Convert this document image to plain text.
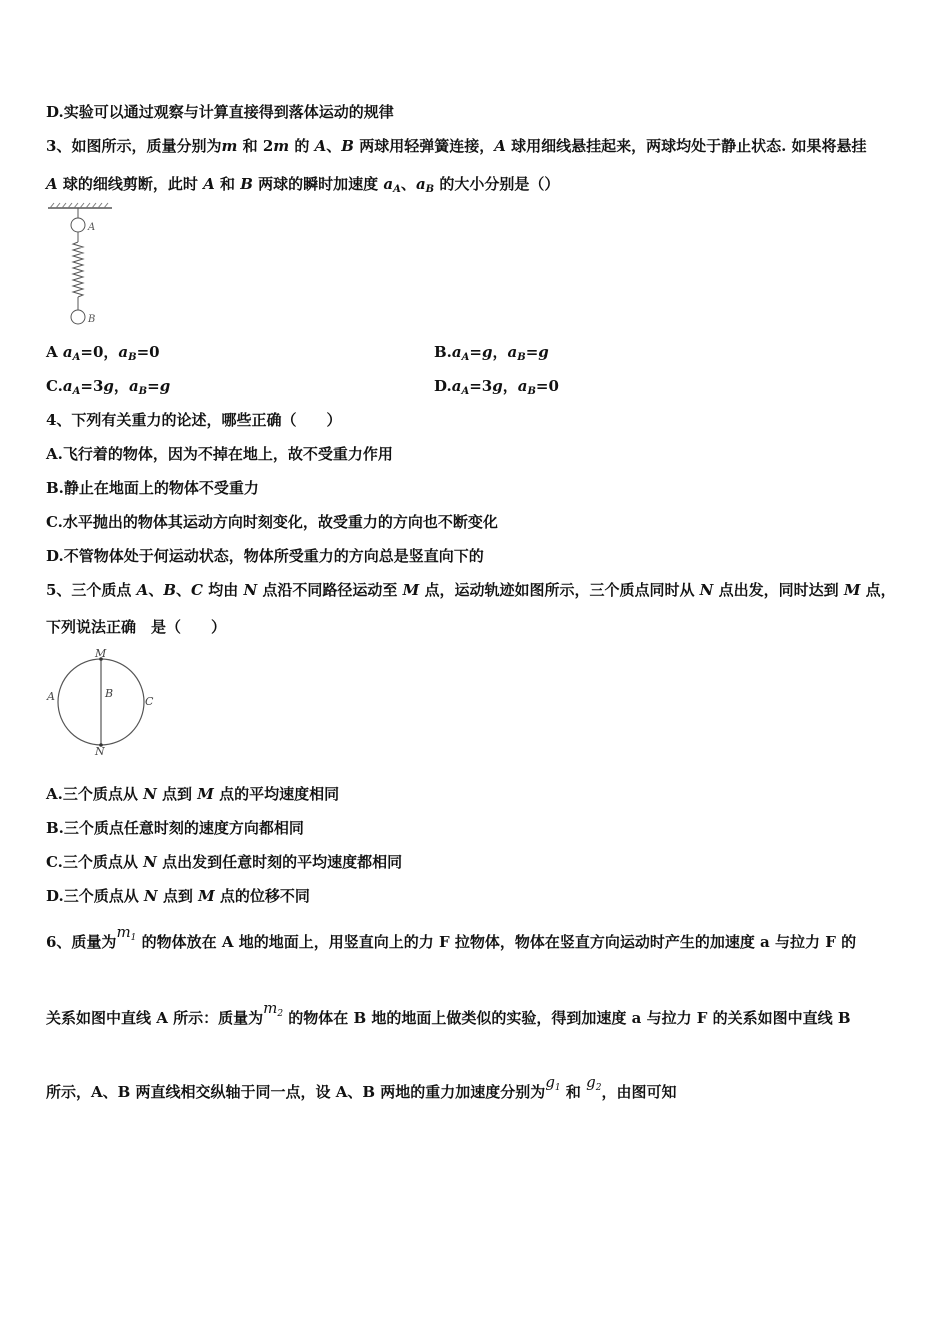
D.实验可以通过观察与计算直接得到落体运动的规律
3、如图所示，质量分别为m 和 2m 的 A、B 两球用轻弹簧连接，A 球用细线悬挂起来，两球均处于静止状态. 如果将悬挂
A 球的细线剪断，此时 A 和 B 两球的瞬时加速度 $a_A$、$a_B$ 的大小分别是（）
A
B
A $a_A=0$，$a_B=0$	$B.a_A=g$，$a_B=g$
$C.a_A=3g$，$a_B=g$	$D.a_A=3g$，$a_B=0$
4、下列有关重力的论述，哪些正确（　　）
A.飞行着的物体，因为不掉在地上，故不受重力作用
B.静止在地面上的物体不受重力
C.水平抛出的物体其运动方向时刻变化，故受重力的方向也不断变化
D.不管物体处于何运动状态，物体所受重力的方向总是竖直向下的
5、三个质点 A、B、C 均由 N 点沿不同路径运动至 M 点，运动轨迹如图所示，三个质点同时从 N 点出发，同时达到 M 点，
下列说法正确　是（　　）
M
N
A	B
C
A.三个质点从 N 点到 M 点的平均速度相同
B.三个质点任意时刻的速度方向都相同
C.三个质点从 N 点出发到任意时刻的平均速度都相同
D.三个质点从 N 点到 M 点的位移不同
6、质量为$m_1$ 的物体放在 A 地的地面上，用竖直向上的力 F 拉物体，物体在竖直方向运动时产生的加速度 a 与拉力 F 的
关系如图中直线 A 所示：质量为$m_2$ 的物体在 B 地的地面上做类似的实验，得到加速度 a 与拉力 F 的关系如图中直线 B
所示，A、B 两直线相交纵轴于同一点，设 A、B 两地的重力加速度分别为$g_1$ 和 $g_2$，由图可知
